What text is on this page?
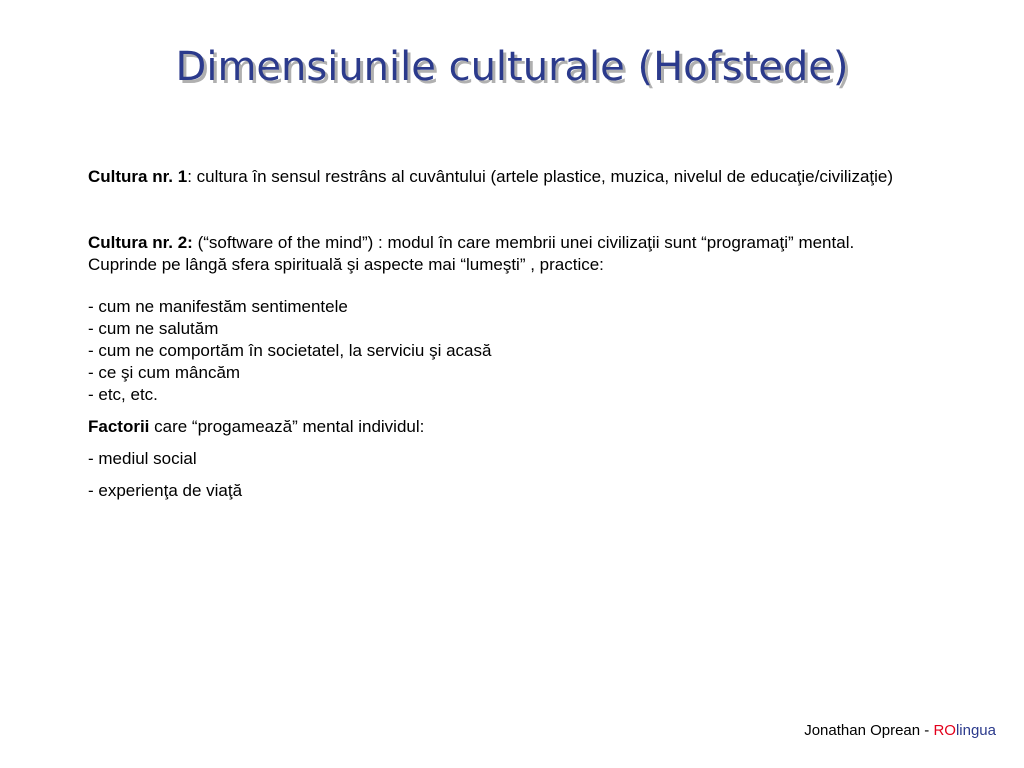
Dimensiunile culturale (Hofstede)

Cultura nr. 1: cultura în sensul restrâns al cuvântului (artele plastice, muzica, nivelul de educaţie/civilizaţie)

Cultura nr. 2: (“software of the mind”) : modul în care membrii unei civilizaţii sunt “programaţi” mental. Cuprinde pe lângă sfera spirituală şi aspecte mai “lumeşti” , practice:

- cum ne manifestăm sentimentele
- cum ne salutăm
- cum ne comportăm în societatel, la serviciu şi acasă
- ce şi cum mâncăm
- etc, etc.

Factorii care “progamează” mental individul:

- mediul social
- experienţa de viaţă
Jonathan Oprean - ROlingua
